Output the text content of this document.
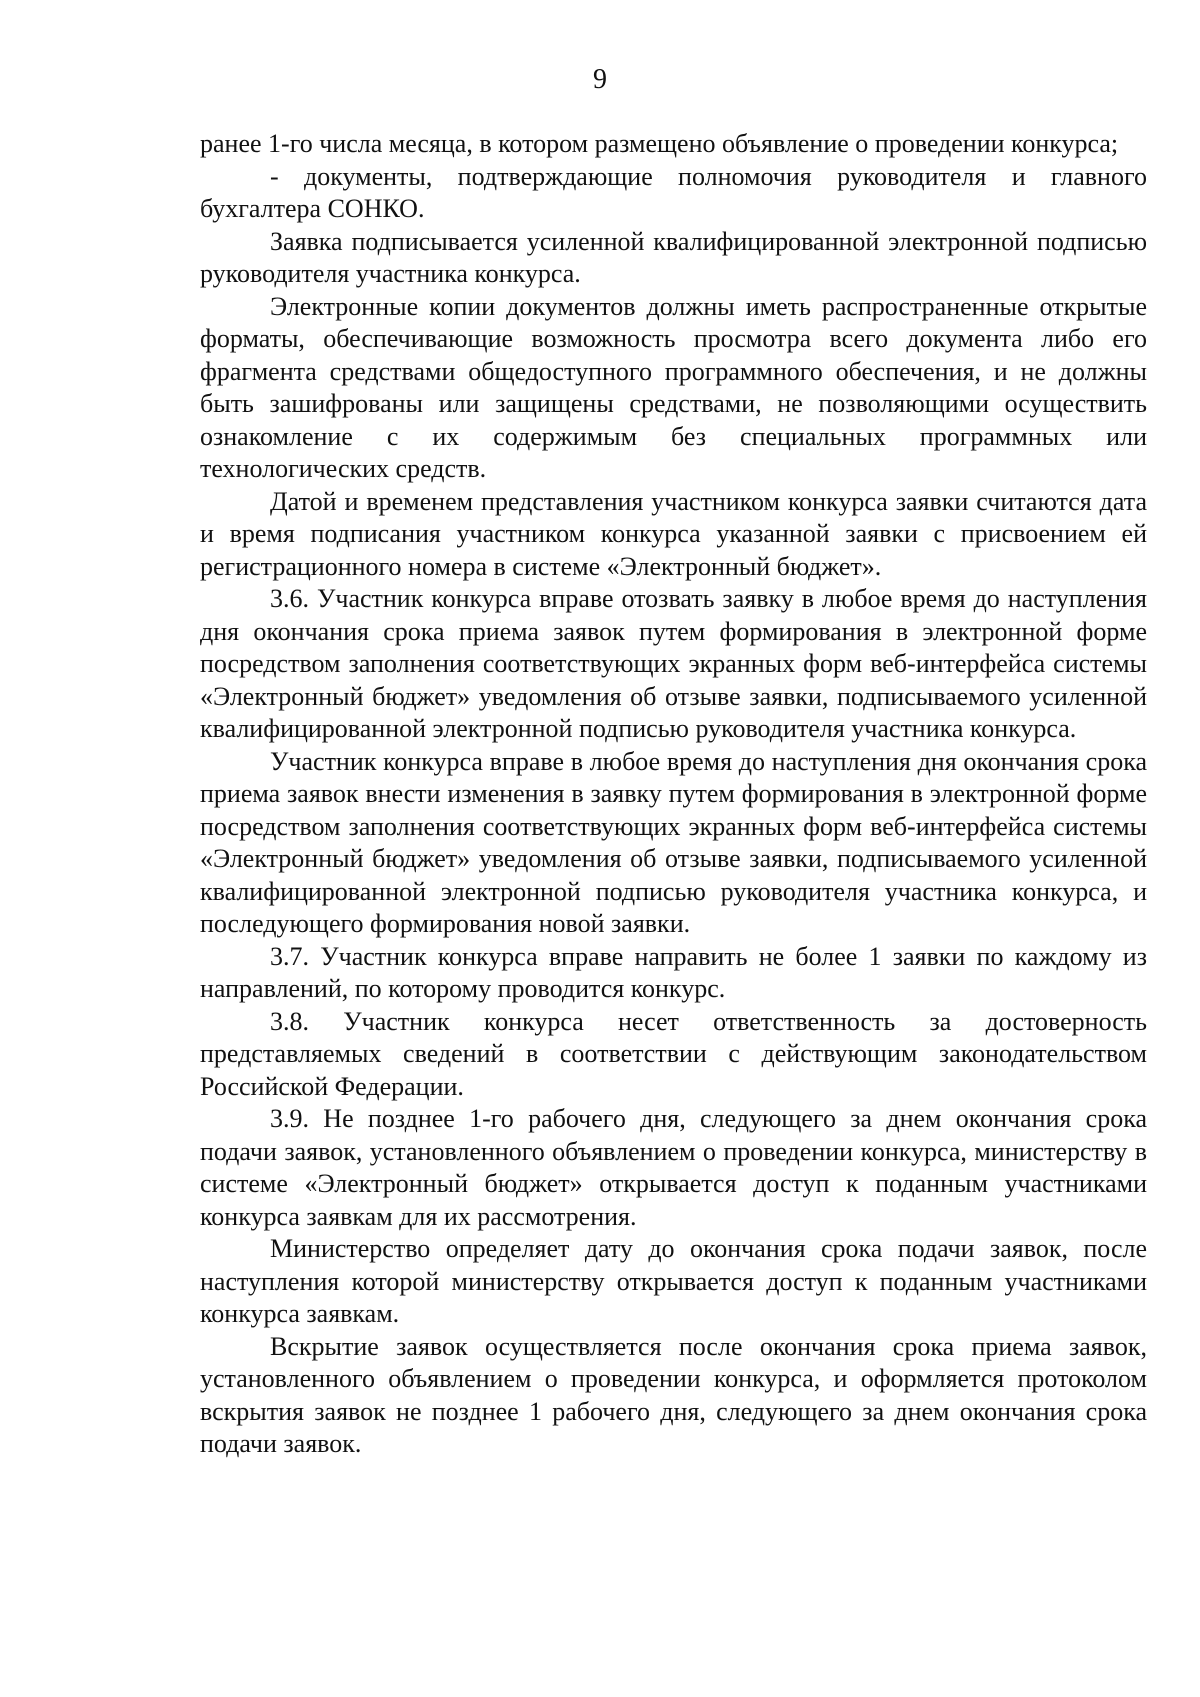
9

ранее 1-го числа месяца, в котором размещено объявление о проведении конкурса;

- документы, подтверждающие полномочия руководителя и главного бухгалтера СОНКО.

Заявка подписывается усиленной квалифицированной электронной подписью руководителя участника конкурса.

Электронные копии документов должны иметь распространенные открытые форматы, обеспечивающие возможность просмотра всего документа либо его фрагмента средствами общедоступного программного обеспечения, и не должны быть зашифрованы или защищены средствами, не позволяющими осуществить ознакомление с их содержимым без специальных программных или технологических средств.

Датой и временем представления участником конкурса заявки считаются дата и время подписания участником конкурса указанной заявки с присвоением ей регистрационного номера в системе «Электронный бюджет».

3.6. Участник конкурса вправе отозвать заявку в любое время до наступления дня окончания срока приема заявок путем формирования в электронной форме посредством заполнения соответствующих экранных форм веб-интерфейса системы «Электронный бюджет» уведомления об отзыве заявки, подписываемого усиленной квалифицированной электронной подписью руководителя участника конкурса.

Участник конкурса вправе в любое время до наступления дня окончания срока приема заявок внести изменения в заявку путем формирования в электронной форме посредством заполнения соответствующих экранных форм веб-интерфейса системы «Электронный бюджет» уведомления об отзыве заявки, подписываемого усиленной квалифицированной электронной подписью руководителя участника конкурса, и последующего формирования новой заявки.

3.7. Участник конкурса вправе направить не более 1 заявки по каждому из направлений, по которому проводится конкурс.

3.8. Участник конкурса несет ответственность за достоверность представляемых сведений в соответствии с действующим законодательством Российской Федерации.

3.9. Не позднее 1-го рабочего дня, следующего за днем окончания срока подачи заявок, установленного объявлением о проведении конкурса, министерству в системе «Электронный бюджет» открывается доступ к поданным участниками конкурса заявкам для их рассмотрения.

Министерство определяет дату до окончания срока подачи заявок, после наступления которой министерству открывается доступ к поданным участниками конкурса заявкам.

Вскрытие заявок осуществляется после окончания срока приема заявок, установленного объявлением о проведении конкурса, и оформляется протоколом вскрытия заявок не позднее 1 рабочего дня, следующего за днем окончания срока подачи заявок.
